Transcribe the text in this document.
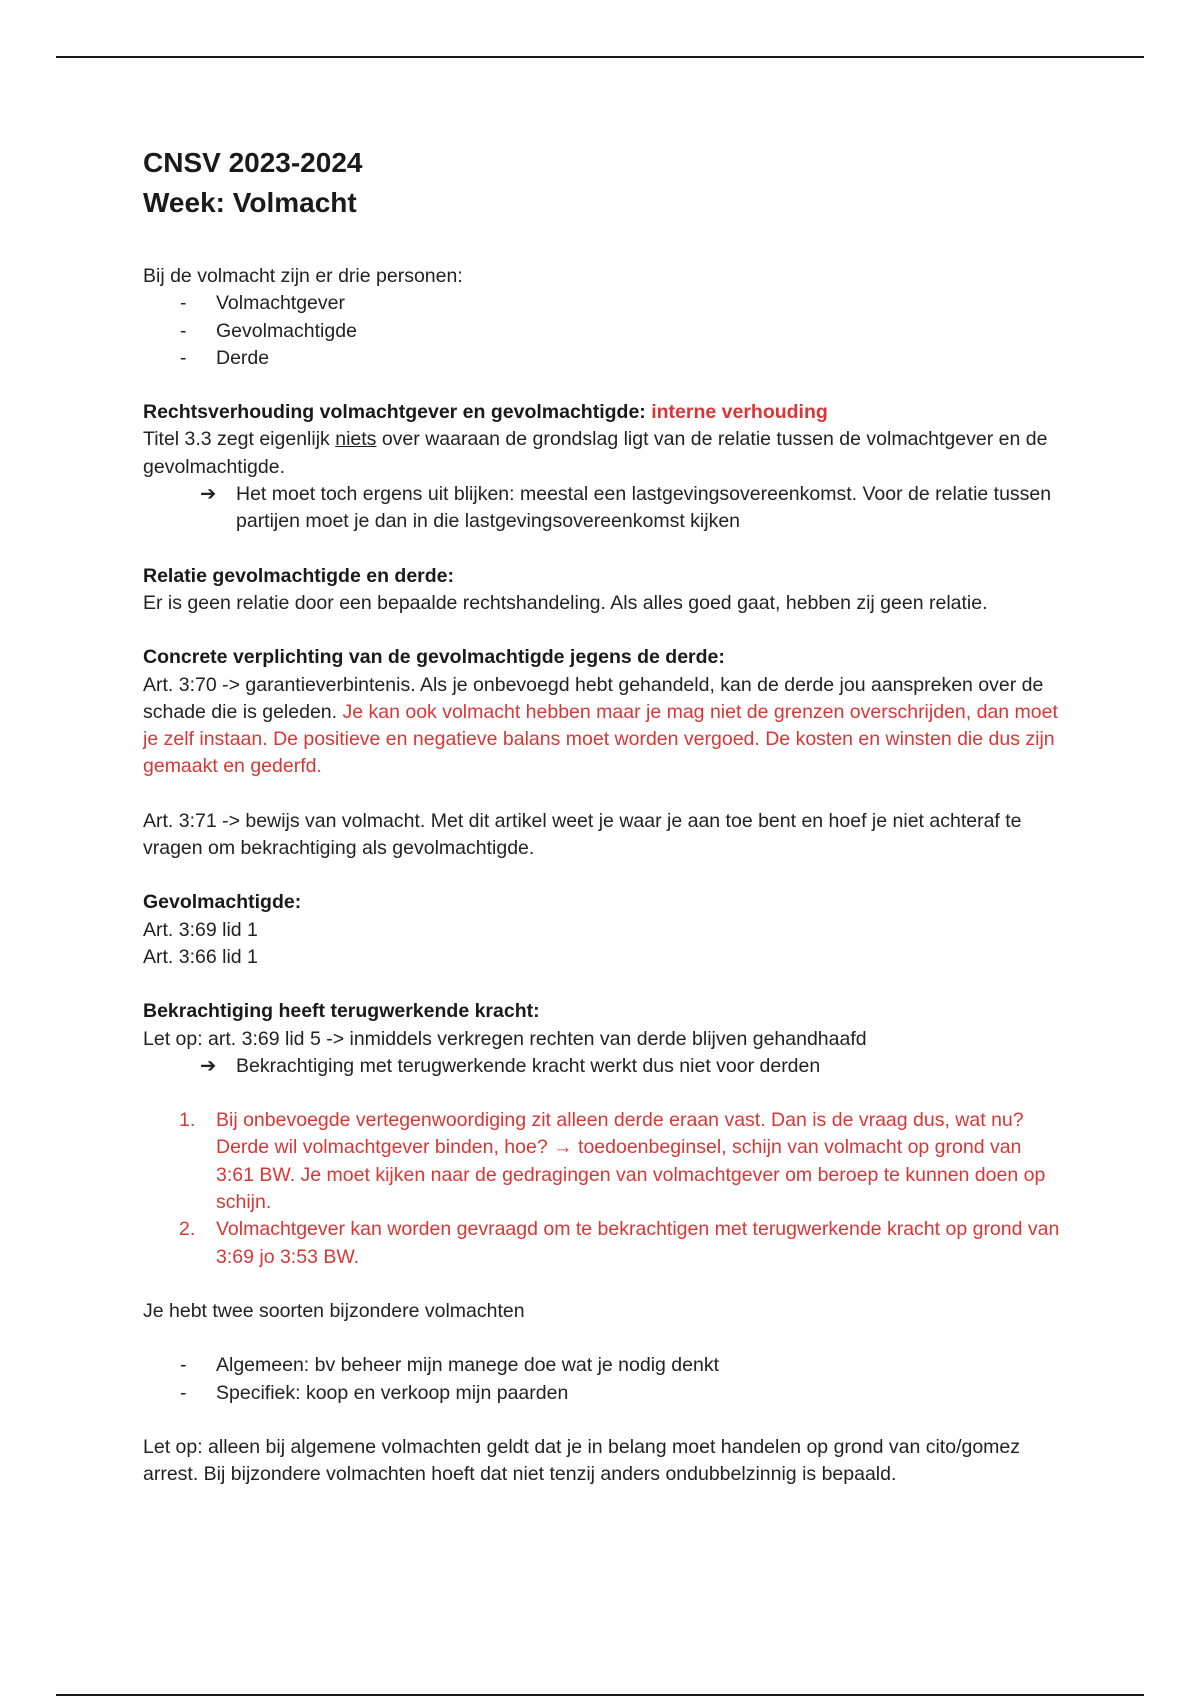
CNSV 2023-2024
Week: Volmacht

Bij de volmacht zijn er drie personen:

- Volmachtgever
- Gevolmachtigde
- Derde

Rechtsverhouding volmachtgever en gevolmachtigde: interne verhouding

Titel 3.3 zegt eigenlijk niets over waaraan de grondslag ligt van de relatie tussen de volmachtgever en de gevolmachtigde.

➔ Het moet toch ergens uit blijken: meestal een lastgevingsovereenkomst. Voor de relatie tussen partijen moet je dan in die lastgevingsovereenkomst kijken

Relatie gevolmachtigde en derde:

Er is geen relatie door een bepaalde rechtshandeling. Als alles goed gaat, hebben zij geen relatie.

Concrete verplichting van de gevolmachtigde jegens de derde:

Art. 3:70 -> garantieverbintenis. Als je onbevoegd hebt gehandeld, kan de derde jou aanspreken over de schade die is geleden. Je kan ook volmacht hebben maar je mag niet de grenzen overschrijden, dan moet je zelf instaan. De positieve en negatieve balans moet worden vergoed. De kosten en winsten die dus zijn gemaakt en gederfd.

Art. 3:71 -> bewijs van volmacht. Met dit artikel weet je waar je aan toe bent en hoef je niet achteraf te vragen om bekrachtiging als gevolmachtigde.

Gevolmachtigde:

Art. 3:69 lid 1

Art. 3:66 lid 1

Bekrachtiging heeft terugwerkende kracht:

Let op: art. 3:69 lid 5 -> inmiddels verkregen rechten van derde blijven gehandhaafd

➔ Bekrachtiging met terugwerkende kracht werkt dus niet voor derden
1. Bij onbevoegde vertegenwoordiging zit alleen derde eraan vast. Dan is de vraag dus, wat nu? Derde wil volmachtgever binden, hoe? → toedoenbeginsel, schijn van volmacht op grond van 3:61 BW. Je moet kijken naar de gedragingen van volmachtgever om beroep te kunnen doen op schijn.
2. Volmachtgever kan worden gevraagd om te bekrachtigen met terugwerkende kracht op grond van 3:69 jo 3:53 BW.

Je hebt twee soorten bijzondere volmachten

- Algemeen: bv beheer mijn manege doe wat je nodig denkt
- Specifiek: koop en verkoop mijn paarden

Let op: alleen bij algemene volmachten geldt dat je in belang moet handelen op grond van cito/gomez arrest. Bij bijzondere volmachten hoeft dat niet tenzij anders ondubbelzinnig is bepaald.
